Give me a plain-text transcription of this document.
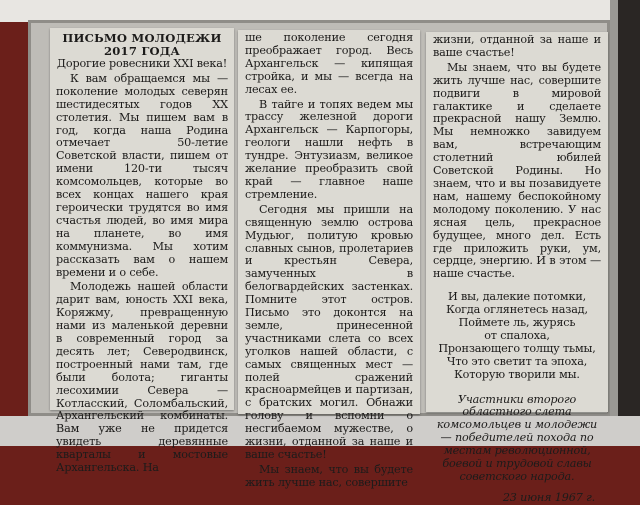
ПИСЬМО МОЛОДЕЖИ
2017 ГОДА
Дорогие ровесники XXI века!

К вам обращаемся мы — поколение молодых северян шестидесятых годов XX столетия. Мы пишем вам в год, когда наша Родина отмечает 50-летие Советской власти, пишем от имени 120-ти тысяч комсомольцев, которые во всех концах нашего края героически трудятся во имя счастья людей, во имя мира на планете, во имя коммунизма. Мы хотим рассказать вам о нашем времени и о себе.

Молодежь нашей области дарит вам, юность XXI века, Коряжму, превращенную нами из маленькой деревни в современный город за десять лет; Северодвинск, построенный нами там, где были болота; гиганты лесохимии Севера — Котласский, Соломбальский, Архангельский комбинаты. Вам уже не придется увидеть деревянные кварталы и мостовые Архангельска. На

ше поколение сегодня преображает город. Весь Архангельск — кипящая стройка, и мы — всегда на лесах ее.

В тайге и топях ведем мы трассу железной дороги Архангельск — Карпогоры, геологи нашли нефть в тундре. Энтузиазм, великое желание преобразить свой край — главное наше стремление.

Сегодня мы пришли на священную землю острова Мудьюг, политую кровью славных сынов, пролетариев и крестьян Севера, замученных в белогвардейских застенках. Помните этот остров. Письмо это доконтся на земле, принесенной участниками слета со всех уголков нашей области, с самых священных мест — полей сражений красноармейцев и партизан, с братских могил. Обнажи голову и вспомни о несгибаемом мужестве, о жизни, отданной за наше и ваше счастье!

Мы знаем, что вы будете жить лучше нас, совершите

жизни, отданной за наше и ваше счастье!

Мы знаем, что вы будете жить лучше нас, совершите подвиги в мировой галактике и сделаете прекрасной нашу Землю. Мы немножко завидуем вам, встречающим столетний юбилей Советской Родины. Но знаем, что и вы позавидуете нам, нашему беспокойному молодому поколению. У нас ясная цель, прекрасное будущее, много дел. Есть где приложить руки, ум, сердце, энергию. И в этом — наше счастье.

И вы, далекие потомки,
Когда оглянетесь назад,
Поймете ль, журясь
от спалоха,
Пронзающего толщу тьмы,
Что это светит та эпоха,
Которую творили мы.
Участники второго областного слета комсомольцев и молодежи — победителей похода по местам революционной, боевой и трудовой славы советского народа.
23 июня 1967 г.
